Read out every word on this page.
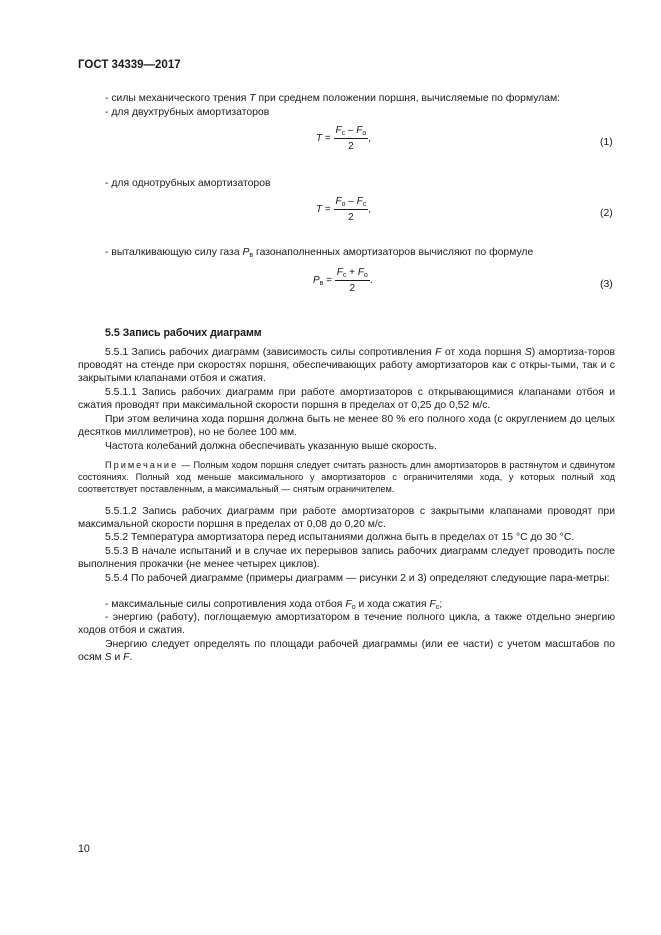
ГОСТ 34339—2017
- силы механического трения T при среднем положении поршня, вычисляемые по формулам:
- для двухтрубных амортизаторов
$T = \frac{F_с - F_о}{2}$ ,	(1)
- для однотрубных амортизаторов
$T = \frac{F_о - F_с}{2}$ ,	(2)
- выталкивающую силу газа $P_в$ газонаполненных амортизаторов вычисляют по формуле
$P_в = \frac{F_с + F_о}{2}$ .	(3)
5.5 Запись рабочих диаграмм
5.5.1 Запись рабочих диаграмм (зависимость силы сопротивления F от хода поршня S) амортиза-торов проводят на стенде при скоростях поршня, обеспечивающих работу амортизаторов как с откры-тыми, так и с закрытыми клапанами отбоя и сжатия.
5.5.1.1 Запись рабочих диаграмм при работе амортизаторов с открывающимися клапанами отбоя и сжатия проводят при максимальной скорости поршня в пределах от 0,25 до 0,52 м/с.
При этом величина хода поршня должна быть не менее 80 % его полного хода (с округлением до целых десятков миллиметров), но не более 100 мм.
Частота колебаний должна обеспечивать указанную выше скорость.
Примечание — Полным ходом поршня следует считать разность длин амортизаторов в растянутом и сдвинутом состояниях. Полный ход меньше максимального у амортизаторов с ограничителями хода, у которых полный ход соответствует поставленным, а максимальный — снятым ограничителем.
5.5.1.2 Запись рабочих диаграмм при работе амортизаторов с закрытыми клапанами проводят при максимальной скорости поршня в пределах от 0,08 до 0,20 м/с.
5.5.2 Температура амортизатора перед испытаниями должна быть в пределах от 15 °С до 30 °С.
5.5.3 В начале испытаний и в случае их перерывов запись рабочих диаграмм следует проводить после выполнения прокачки (не менее четырех циклов).
5.5.4 По рабочей диаграмме (примеры диаграмм — рисунки 2 и 3) определяют следующие пара-метры:
- максимальные силы сопротивления хода отбоя $F_о$ и хода сжатия $F_c$;
- энергию (работу), поглощаемую амортизатором в течение полного цикла, а также отдельно энергию ходов отбоя и сжатия.
Энергию следует определять по площади рабочей диаграммы (или ее части) с учетом масштабов по осям S и F.
10
